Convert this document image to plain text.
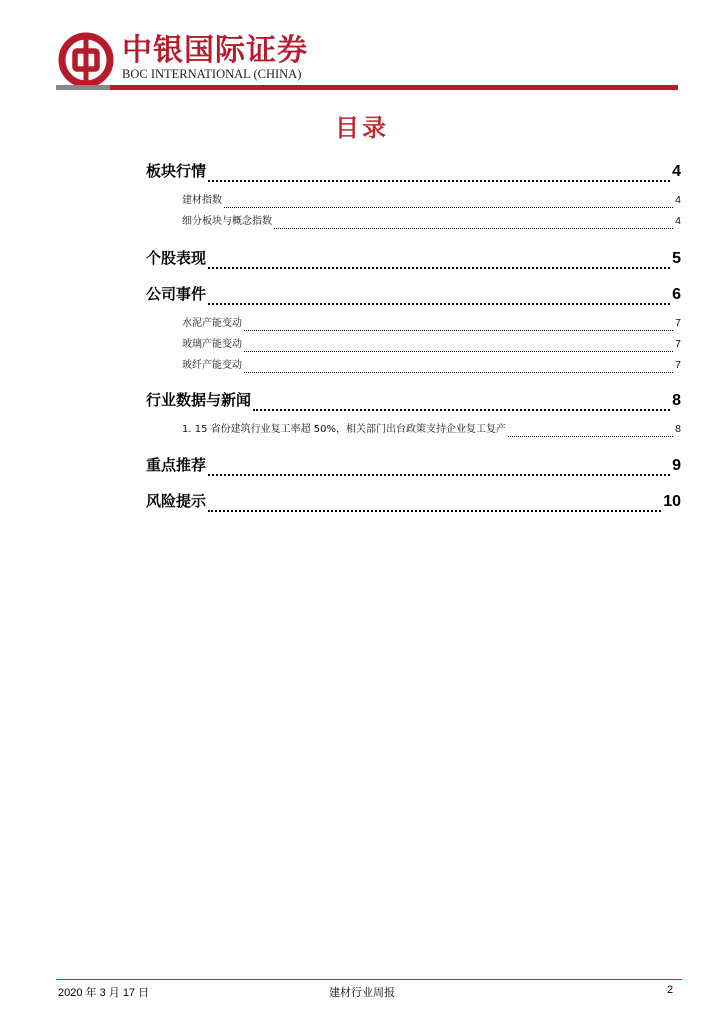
中银国际证券
BOC INTERNATIONAL (CHINA)
目录
板块行情	4
建材指数	4
细分板块与概念指数	4
个股表现	5
公司事件	6
水泥产能变动	7
玻璃产能变动	7
玻纤产能变动	7
行业数据与新闻	8
1. 15 省份建筑行业复工率超 50%，相关部门出台政策支持企业复工复产	8
重点推荐	9
风险提示	10
2020 年 3 月 17 日	建材行业周报	2
